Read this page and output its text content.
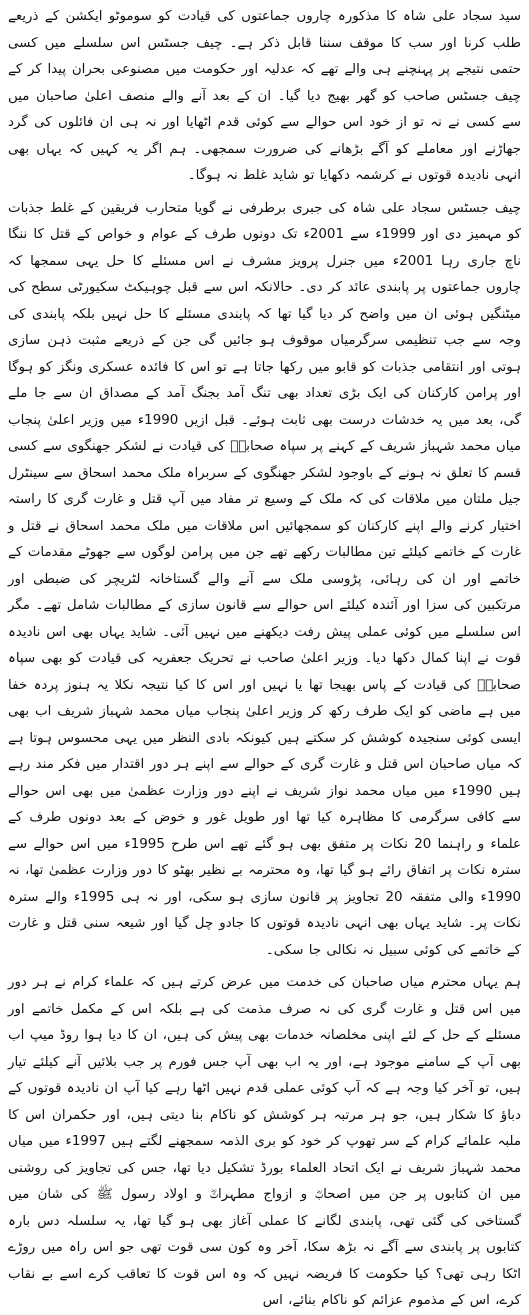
سید سجاد علی شاہ کا مذکورہ چاروں جماعتوں کی قیادت کو سوموٹو ایکشن کے ذریعے طلب کرنا اور سب کا موقف سننا قابل ذکر ہے۔ چیف جسٹس اس سلسلے میں کسی حتمی نتیجے پر پہنچنے ہی والے تھے کہ عدلیہ اور حکومت میں مصنوعی بحران پیدا کر کے چیف جسٹس صاحب کو گھر بھیج دیا گیا۔ ان کے بعد آنے والے منصف اعلیٰ صاحبان میں سے کسی نے نہ تو از خود اس حوالے سے کوئی قدم اٹھایا اور نہ ہی ان فائلوں کی گرد جھاڑنے اور معاملے کو آگے بڑھانے کی ضرورت سمجھی۔ ہم اگر یہ کہیں کہ یہاں بھی انہی نادیدہ قوتوں نے کرشمہ دکھایا تو شاید غلط نہ ہوگا۔

چیف جسٹس سجاد علی شاہ کی جبری برطرفی نے گویا متحارب فریقین کے غلط جذبات کو مہمیز دی اور 1999ء سے 2001ء تک دونوں طرف کے عوام و خواص کے قتل کا ننگا ناچ جاری رہا 2001ء میں جنرل پرویز مشرف نے اس مسئلے کا حل یہی سمجھا کہ چاروں جماعتوں پر پابندی عائد کر دی۔ حالانکہ اس سے قبل چوہیکٹ سکیورٹی سطح کی میٹنگیں ہوئی ان میں واضح کر دیا گیا تھا کہ پابندی مسئلے کا حل نہیں بلکہ پابندی کی وجہ سے جب تنظیمی سرگرمیاں موقوف ہو جائیں گی جن کے ذریعے مثبت ذہن سازی ہوتی اور انتقامی جذبات کو قابو میں رکھا جاتا ہے تو اس کا فائدہ عسکری ونگز کو ہوگا اور پرامن کارکنان کی ایک بڑی تعداد بھی تنگ آمد بجنگ آمد کے مصداق ان سے جا ملے گی، بعد میں یہ خدشات درست بھی ثابت ہوئے۔ قبل ازیں 1990ء میں وزیر اعلیٰ پنجاب میاں محمد شہباز شریف کے کہنے پر سپاہ صحابہؓ کی قیادت نے لشکر جھنگوی سے کسی قسم کا تعلق نہ ہونے کے باوجود لشکر جھنگوی کے سربراہ ملک محمد اسحاق سے سینٹرل جیل ملتان میں ملاقات کی کہ ملک کے وسیع تر مفاد میں آپ قتل و غارت گری کا راستہ اختیار کرنے والے اپنے کارکنان کو سمجھائیں اس ملاقات میں ملک محمد اسحاق نے قتل و غارت کے خاتمے کیلئے تین مطالبات رکھے تھے جن میں پرامن لوگوں سے جھوٹے مقدمات کے خاتمے اور ان کی رہائی، پڑوسی ملک سے آنے والے گستاخانہ لٹریچر کی ضبطی اور مرتکبین کی سزا اور آئندہ کیلئے اس حوالے سے قانون سازی کے مطالبات شامل تھے۔ مگر اس سلسلے میں کوئی عملی پیش رفت دیکھنے میں نہیں آئی۔ شاید یہاں بھی اس نادیدہ قوت نے اپنا کمال دکھا دیا۔ وزیر اعلیٰ صاحب نے تحریک جعفریہ کی قیادت کو بھی سپاہ صحابہؓ کی قیادت کے پاس بھیجا تھا یا نہیں اور اس کا کیا نتیجہ نکلا یہ ہنوز پردہ خفا میں ہے ماضی کو ایک طرف رکھ کر وزیر اعلیٰ پنجاب میاں محمد شہباز شریف اب بھی ایسی کوئی سنجیدہ کوشش کر سکتے ہیں کیونکہ بادی النظر میں یہی محسوس ہوتا ہے کہ میاں صاحبان اس قتل و غارت گری کے حوالے سے اپنے ہر دور اقتدار میں فکر مند رہے ہیں 1990ء میں میاں محمد نواز شریف نے اپنے دور وزارت عظمیٰ میں بھی اس حوالے سے کافی سرگرمی کا مظاہرہ کیا تھا اور طویل غور و خوض کے بعد دونوں طرف کے علماء و راہنما 20 نکات پر متفق بھی ہو گئے تھے اس طرح 1995ء میں اس حوالے سے سترہ نکات پر اتفاق رائے ہو گیا تھا، وہ محترمہ بے نظیر بھٹو کا دور وزارت عظمیٰ تھا، نہ 1990ء والی متفقہ 20 تجاویز پر قانون سازی ہو سکی، اور نہ ہی 1995ء والے سترہ نکات پر۔ شاید یہاں بھی انہی نادیدہ قوتوں کا جادو چل گیا اور شیعہ سنی قتل و غارت کے خاتمے کی کوئی سبیل نہ نکالی جا سکی۔

ہم یہاں محترم میاں صاحبان کی خدمت میں عرض کرتے ہیں کہ علماء کرام نے ہر دور میں اس قتل و غارت گری کی نہ صرف مذمت کی ہے بلکہ اس کے مکمل خاتمے اور مسئلے کے حل کے لئے اپنی مخلصانہ خدمات بھی پیش کی ہیں، ان کا دیا ہوا روڈ میپ اب بھی آپ کے سامنے موجود ہے، اور یہ اب بھی آپ جس فورم پر جب بلائیں آنے کیلئے تیار ہیں، تو آخر کیا وجہ ہے کہ آپ کوئی عملی قدم نہیں اٹھا رہے کیا آپ ان نادیدہ قوتوں کے دباؤ کا شکار ہیں، جو ہر مرتبہ ہر کوشش کو ناکام بنا دیتی ہیں، اور حکمران اس کا ملبہ علمائے کرام کے سر تھوپ کر خود کو بری الذمہ سمجھنے لگتے ہیں 1997ء میں میاں محمد شہباز شریف نے ایک اتحاد العلماء بورڈ تشکیل دیا تھا، جس کی تجاویز کی روشنی میں ان کتابوں پر جن میں اصحابؓ و ازواج مطہراتؓ و اولاد رسول ﷺ کی شان میں گستاخی کی گئی تھی، پابندی لگانے کا عملی آغاز بھی ہو گیا تھا، یہ سلسلہ دس بارہ کتابوں پر پابندی سے آگے نہ بڑھ سکا، آخر وہ کون سی قوت تھی جو اس راہ میں روڑے اٹکا رہی تھی؟ کیا حکومت کا فریضہ نہیں کہ وہ اس قوت کا تعاقب کرے اسے بے نقاب کرے، اس کے مذموم عزائم کو ناکام بنائے، اس
